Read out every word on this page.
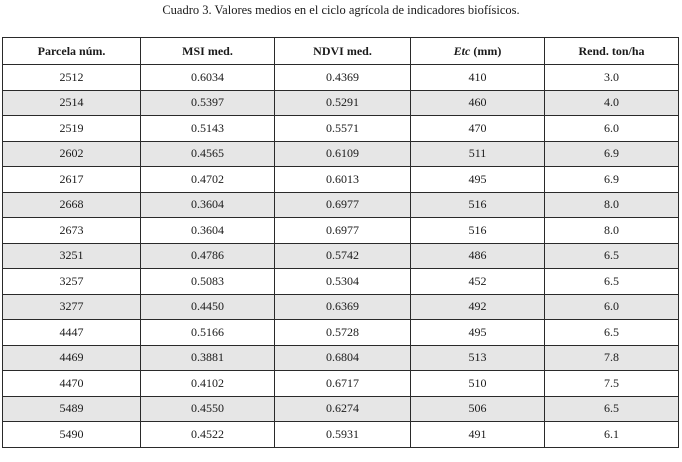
Cuadro 3. Valores medios en el ciclo agrícola de indicadores biofísicos.
Parcela núm.	MSI med.	NDVI med.	Etc (mm)	Rend. ton/ha
2512	0.6034	0.4369	410	3.0
2514	0.5397	0.5291	460	4.0
2519	0.5143	0.5571	470	6.0
2602	0.4565	0.6109	511	6.9
2617	0.4702	0.6013	495	6.9
2668	0.3604	0.6977	516	8.0
2673	0.3604	0.6977	516	8.0
3251	0.4786	0.5742	486	6.5
3257	0.5083	0.5304	452	6.5
3277	0.4450	0.6369	492	6.0
4447	0.5166	0.5728	495	6.5
4469	0.3881	0.6804	513	7.8
4470	0.4102	0.6717	510	7.5
5489	0.4550	0.6274	506	6.5
5490	0.4522	0.5931	491	6.1
